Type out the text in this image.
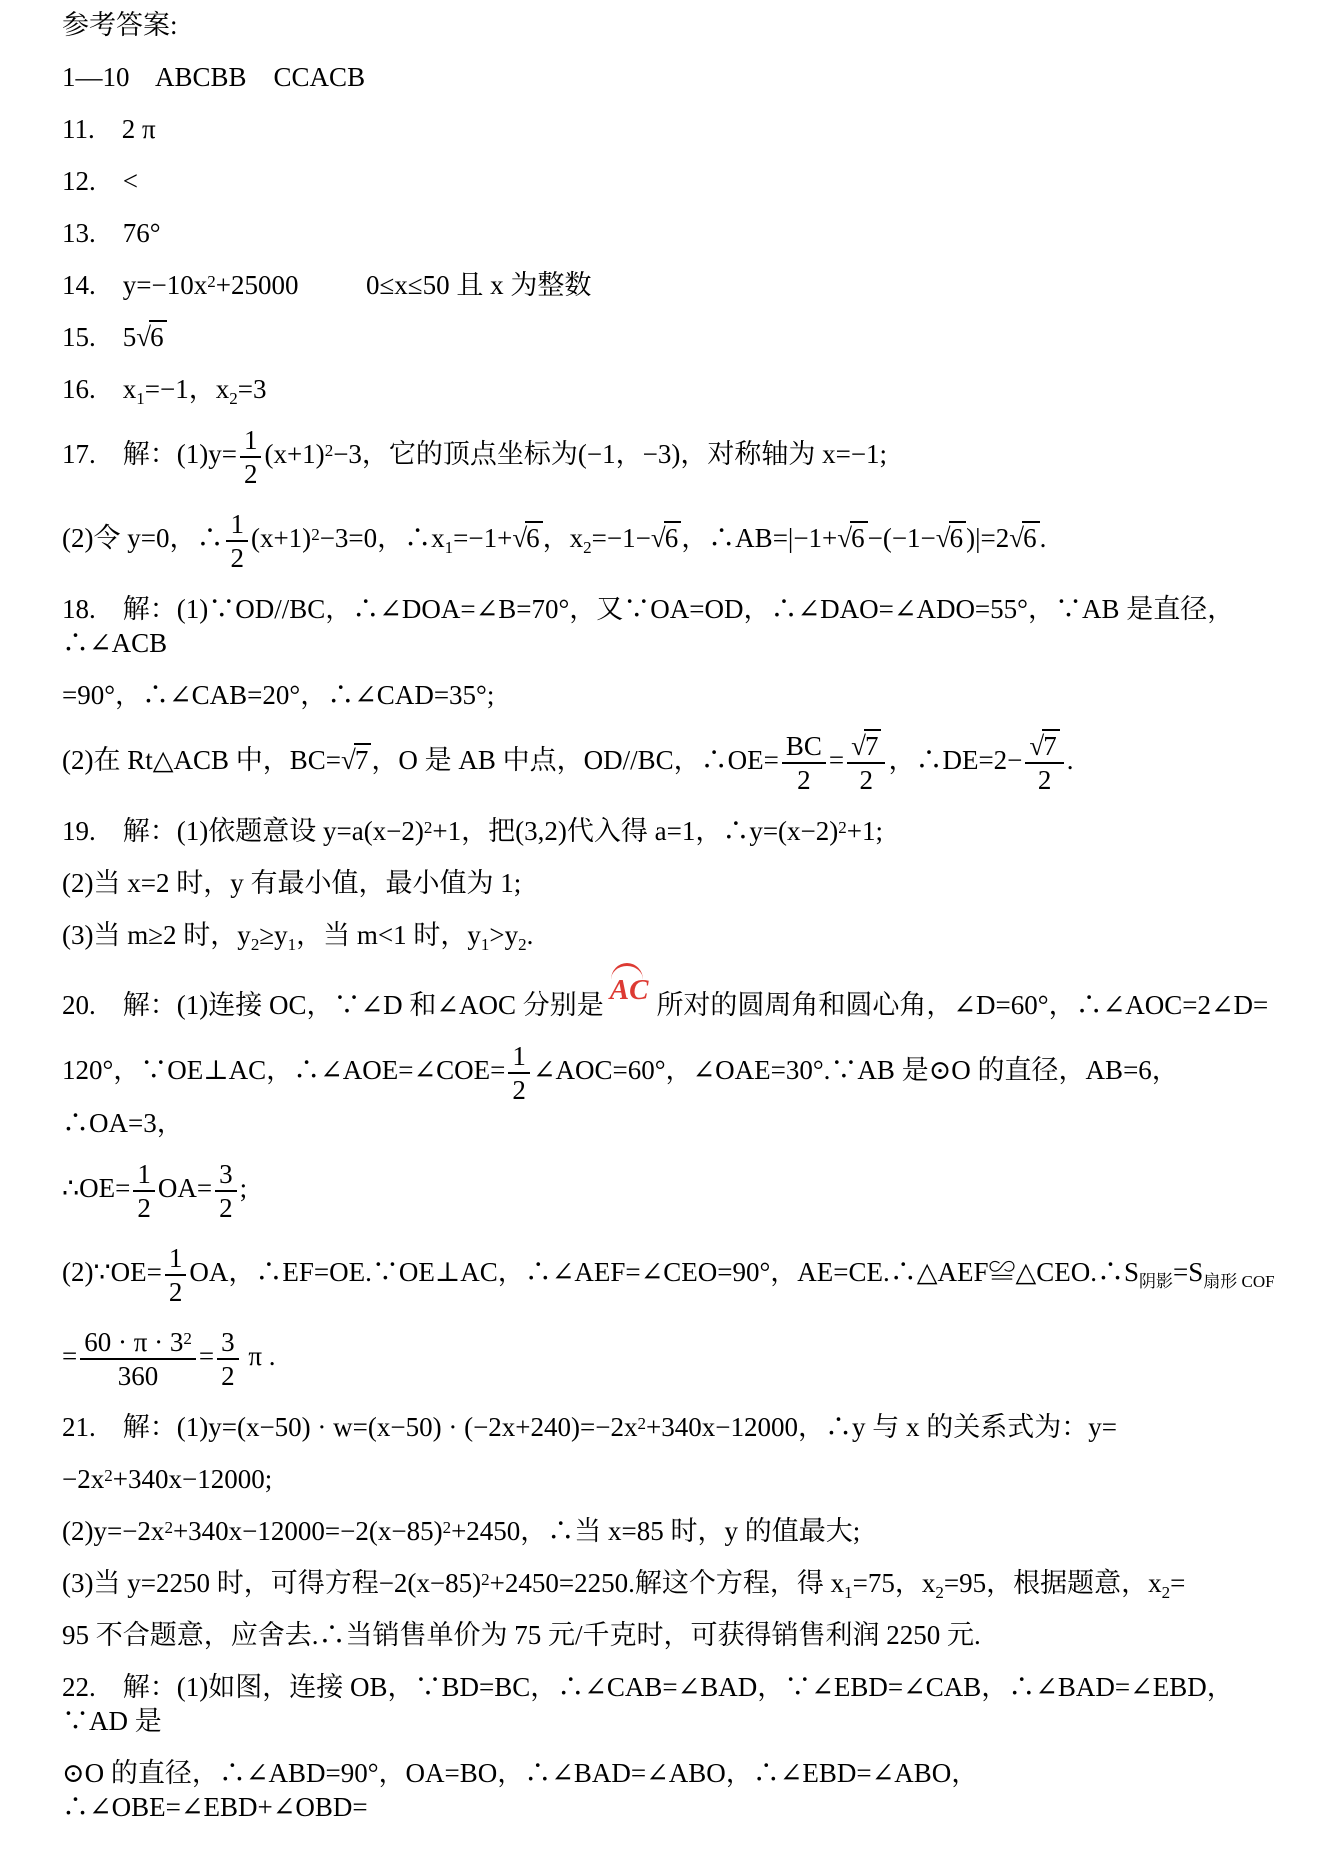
参考答案:
1—10    ABCBB    CCACB
11.    2 π
12.    <
13.    76°
14.    $y=-10x^2+25000$          0≤x≤50 且 x 为整数
15.    5√6
16.    $x_1=-1$，$x_2=3$
17.　解：$(1)y= \frac{1}{2} (x+1)^2-3$，它的顶点坐标为(−1，−3)，对称轴为 x=−1;
(2)令 y=0，∴ $\frac{1}{2} (x+1)^2-3=0$，$\therefore x_1=-1+√6$ ，$x_2=-1-√6$ ，∴AB=|−1+√6 −(−1−√6 )|=2√6 .
18.　解：(1)∵OD//BC，∴∠DOA=∠B=70°，又∵OA=OD，∴∠DAO=∠ADO=55°，∵AB 是直径，∴∠ACB
=90°，∴∠CAB=20°，∴∠CAD=35°;
(2)在 Rt△ACB 中，BC=√7 ，O 是 AB 中点，OD//BC，∴OE= $\frac{BC}{2} = \frac{√7}{2}$ ，∴DE=2− $\frac{√7}{2}$ .
19.　解：(1)依题意设 $y=a(x-2)^2+1$，把(3,2)代入得 a=1，$\therefore y=(x-2)^2+1$;
(2)当 x=2 时，y 有最小值，最小值为 1;
(3)当 m≥2 时，$y_2\ge y_1$，当 m<1 时，$y_1>y_2$.
20.　解：(1)连接 OC，∵∠D 和∠AOC 分别是 AC 所对的圆周角和圆心角，∠D=60°，∴∠AOC=2∠D=
120°，∵OE⊥AC，∴∠AOE=∠COE= $\frac{1}{2}$ ∠AOC=60°，∠OAE=30°.∵AB 是⊙O 的直径，AB=6，∴OA=3，
∴OE= $\frac{1}{2} OA= \frac{3}{2}$ ;
(2)∵OE= $\frac{1}{2}$ OA，∴EF=OE.∵OE⊥AC，∴∠AEF=∠CEO=90°，$AE=CE.\therefore\triangle AEF≌\triangle CEO.\therefore S_{阴影}=S_{扇形 COF}$
= $\frac{60 \cdot \pi \cdot 3^2}{360} = \frac{3}{2}$ π .
21.　解：$(1)y=(x-50) \cdot w=(x-50) \cdot (-2x+240)=-2x^2+340x-12000$，∴y 与 x 的关系式为：y=
$-2x^2+340x-12000$;
$(2)y=-2x^2+340x-12000=-2(x-85)^2+2450$，∴当 x=85 时，y 的值最大;
(3)当 y=2250 时，可得方程$-2(x-85)^2+2450=2250$.解这个方程，得 $x_1=75$，$x_2=95$，根据题意，$x_2=$
95 不合题意，应舍去.∴当销售单价为 75 元/千克时，可获得销售利润 2250 元.
22.　解：(1)如图，连接 OB，∵BD=BC，∴∠CAB=∠BAD，∵∠EBD=∠CAB，∴∠BAD=∠EBD，∵AD 是
⊙O 的直径，∴∠ABD=90°，OA=BO，∴∠BAD=∠ABO，∴∠EBD=∠ABO，∴∠OBE=∠EBD+∠OBD=
